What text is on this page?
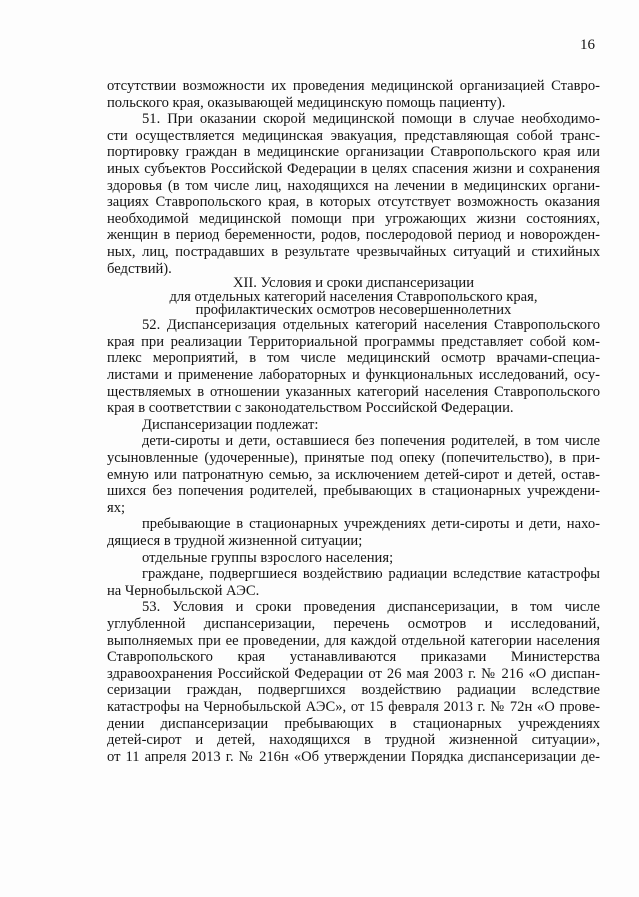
16

отсутствии возможности их проведения медицинской организацией Ставро-
польского края, оказывающей медицинскую помощь пациенту).

51. При оказании скорой медицинской помощи в случае необходимо-
сти осуществляется медицинская эвакуация, представляющая собой транс-
портировку граждан в медицинские организации Ставропольского края или
иных субъектов Российской Федерации в целях спасения жизни и сохранения
здоровья (в том числе лиц, находящихся на лечении в медицинских органи-
зациях Ставропольского края, в которых отсутствует возможность оказания
необходимой медицинской помощи при угрожающих жизни состояниях,
женщин в период беременности, родов, послеродовой период и новорожден-
ных, лиц, пострадавших в результате чрезвычайных ситуаций и стихийных
бедствий).

XII. Условия и сроки диспансеризации
для отдельных категорий населения Ставропольского края,
профилактических осмотров несовершеннолетних

52. Диспансеризация отдельных категорий населения Ставропольского
края при реализации Территориальной программы представляет собой ком-
плекс мероприятий, в том числе медицинский осмотр врачами-специа-
листами и применение лабораторных и функциональных исследований, осу-
ществляемых в отношении указанных категорий населения Ставропольского
края в соответствии с законодательством Российской Федерации.

Диспансеризации подлежат:

дети-сироты и дети, оставшиеся без попечения родителей, в том числе
усыновленные (удочеренные), принятые под опеку (попечительство), в при-
емную или патронатную семью, за исключением детей-сирот и детей, остав-
шихся без попечения родителей, пребывающих в стационарных учреждени-
ях;

пребывающие в стационарных учреждениях дети-сироты и дети, нахо-
дящиеся в трудной жизненной ситуации;

отдельные группы взрослого населения;

граждане, подвергшиеся воздействию радиации вследствие катастрофы
на Чернобыльской АЭС.

53. Условия и сроки проведения диспансеризации, в том числе
углубленной диспансеризации, перечень осмотров и исследований,
выполняемых при ее проведении, для каждой отдельной категории населения
Ставропольского края устанавливаются приказами Министерства
здравоохранения Российской Федерации от 26 мая 2003 г. № 216 «О диспан-
серизации граждан, подвергшихся воздействию радиации вследствие
катастрофы на Чернобыльской АЭС», от 15 февраля 2013 г. № 72н «О прове-
дении диспансеризации пребывающих в стационарных учреждениях
детей-сирот и детей, находящихся в трудной жизненной ситуации»,
от 11 апреля 2013 г. № 216н «Об утверждении Порядка диспансеризации де-
